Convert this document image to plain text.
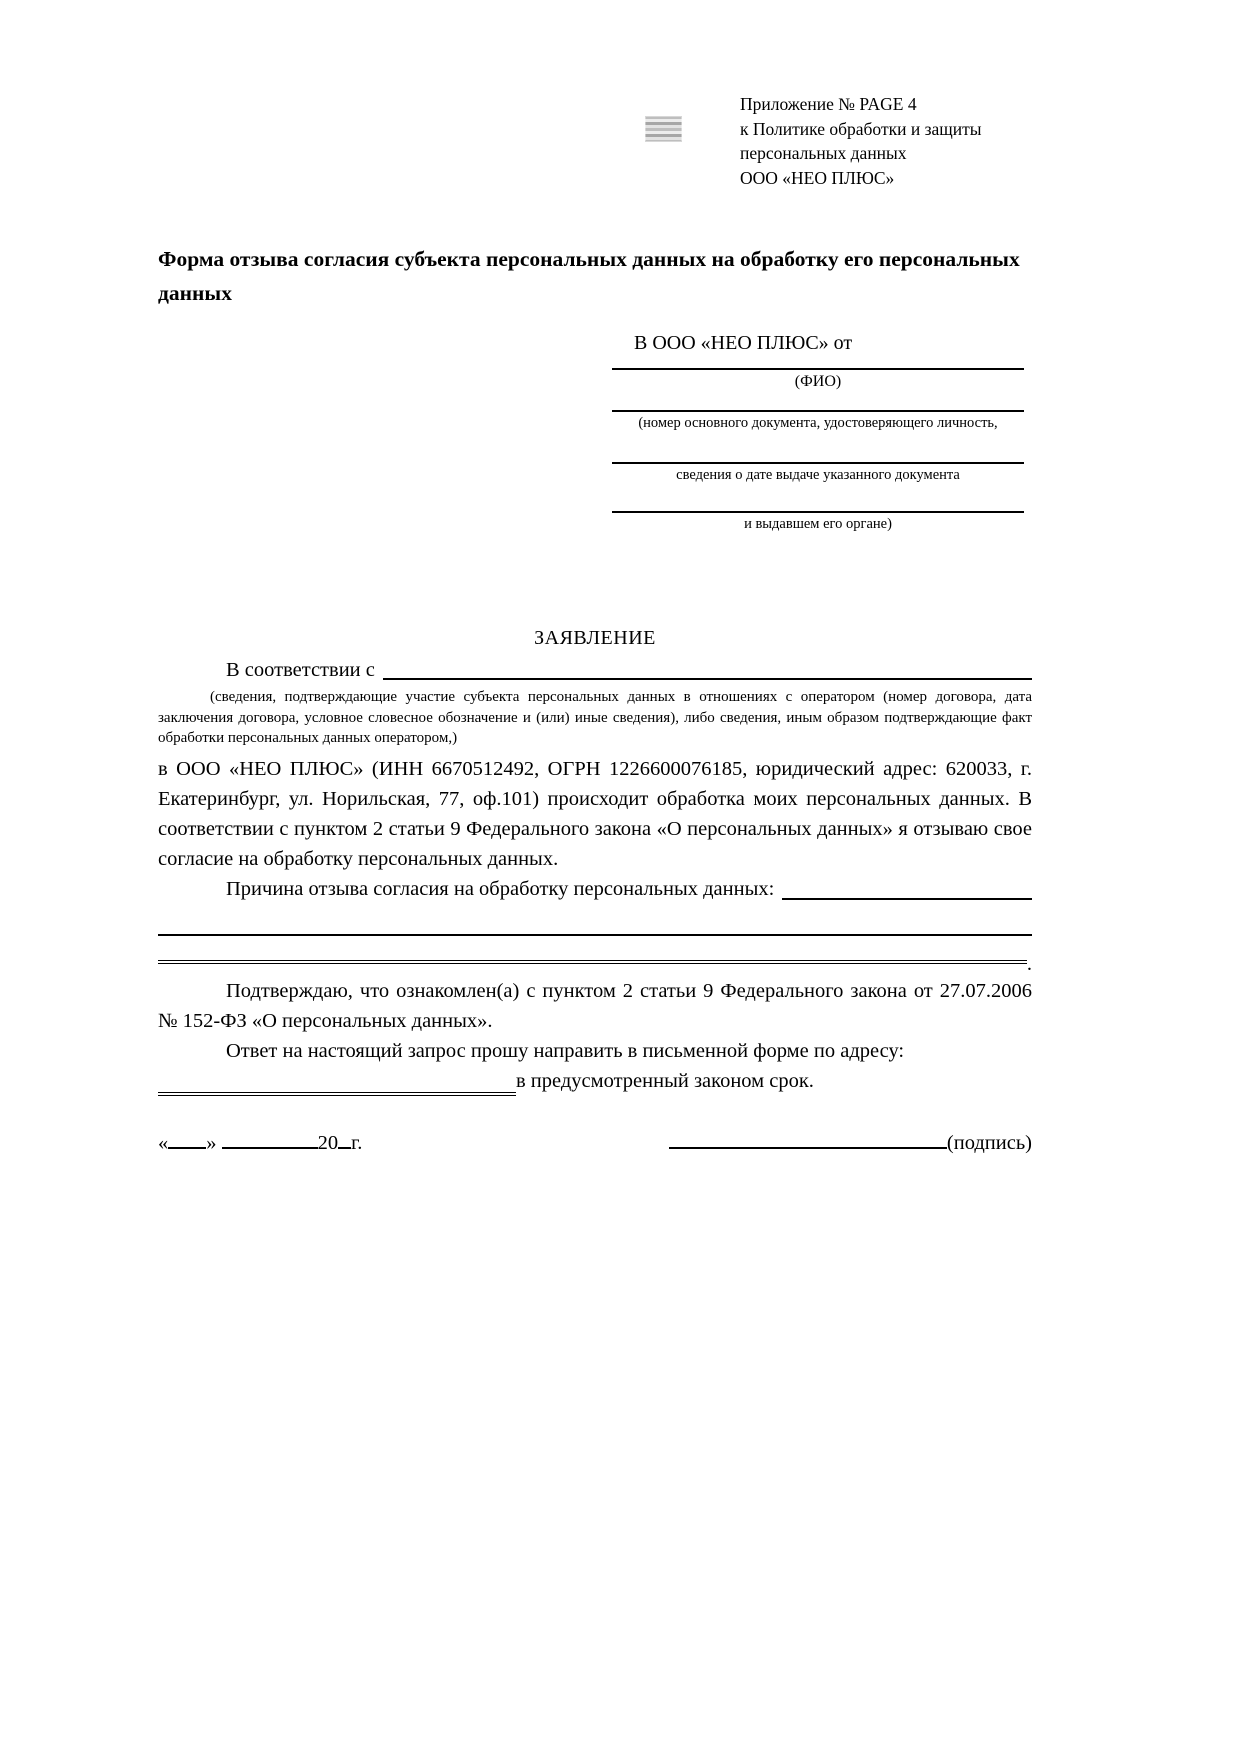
Приложение № PAGE 4
к Политике обработки и защиты
персональных данных
ООО «НЕО ПЛЮС»
Форма отзыва согласия субъекта персональных данных на обработку его персональных данных
В ООО «НЕО ПЛЮС» от
(ФИО)
(номер основного документа, удостоверяющего личность,
сведения о дате выдаче указанного документа
и выдавшем его органе)
ЗАЯВЛЕНИЕ
В соответствии с
(сведения, подтверждающие участие субъекта персональных данных в отношениях с оператором (номер договора, дата заключения договора, условное словесное обозначение и (или) иные сведения), либо сведения, иным образом подтверждающие факт обработки персональных данных оператором,)
в ООО «НЕО ПЛЮС» (ИНН 6670512492, ОГРН 1226600076185, юридический адрес: 620033, г. Екатеринбург, ул. Норильская, 77, оф.101) происходит обработка моих персональных данных. В соответствии с пунктом 2 статьи 9 Федерального закона «О персональных данных» я отзываю свое согласие на обработку персональных данных.
Причина отзыва согласия на обработку персональных данных:
.
Подтверждаю, что ознакомлен(а) с пунктом 2 статьи 9 Федерального закона от 27.07.2006 № 152-ФЗ «О персональных данных».
Ответ на настоящий запрос прошу направить в письменной форме по адресу:
в предусмотренный законом срок.
« »	20 г.	(подпись)
